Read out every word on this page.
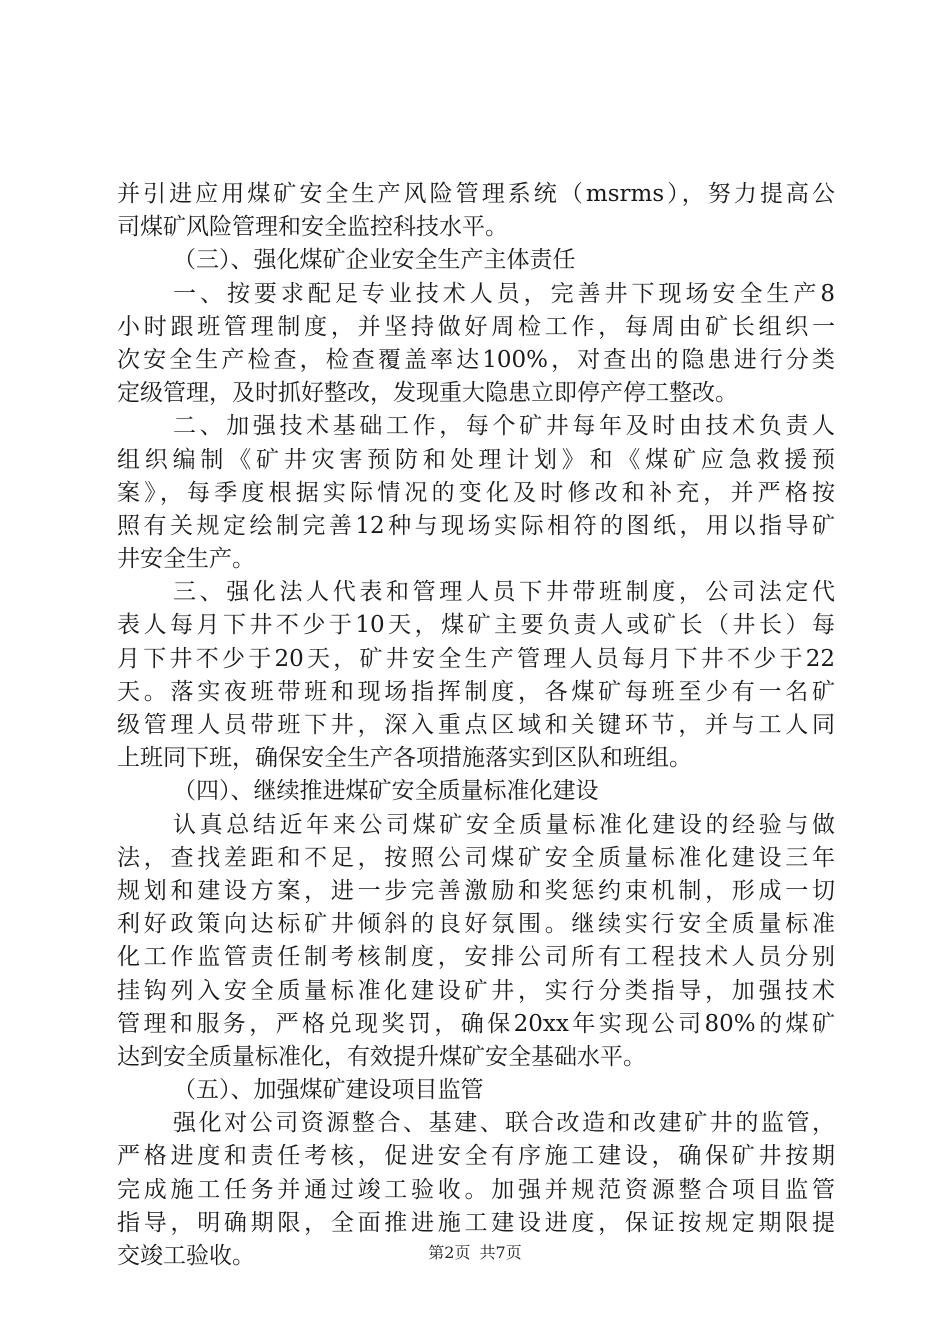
并引进应用煤矿安全生产风险管理系统（msrms），努力提高公
司煤矿风险管理和安全监控科技水平。
（三）、强化煤矿企业安全生产主体责任
一、按要求配足专业技术人员，完善井下现场安全生产8
小时跟班管理制度，并坚持做好周检工作，每周由矿长组织一
次安全生产检查，检查覆盖率达100%，对查出的隐患进行分类
定级管理，及时抓好整改，发现重大隐患立即停产停工整改。
二、加强技术基础工作，每个矿井每年及时由技术负责人
组织编制《矿井灾害预防和处理计划》和《煤矿应急救援预
案》，每季度根据实际情况的变化及时修改和补充，并严格按
照有关规定绘制完善12种与现场实际相符的图纸，用以指导矿
井安全生产。
三、强化法人代表和管理人员下井带班制度，公司法定代
表人每月下井不少于10天，煤矿主要负责人或矿长（井长）每
月下井不少于20天，矿井安全生产管理人员每月下井不少于22
天。落实夜班带班和现场指挥制度，各煤矿每班至少有一名矿
级管理人员带班下井，深入重点区域和关键环节，并与工人同
上班同下班，确保安全生产各项措施落实到区队和班组。
（四）、继续推进煤矿安全质量标准化建设
认真总结近年来公司煤矿安全质量标准化建设的经验与做
法，查找差距和不足，按照公司煤矿安全质量标准化建设三年
规划和建设方案，进一步完善激励和奖惩约束机制，形成一切
利好政策向达标矿井倾斜的良好氛围。继续实行安全质量标准
化工作监管责任制考核制度，安排公司所有工程技术人员分别
挂钩列入安全质量标准化建设矿井，实行分类指导，加强技术
管理和服务，严格兑现奖罚，确保20xx年实现公司80%的煤矿
达到安全质量标准化，有效提升煤矿安全基础水平。
（五）、加强煤矿建设项目监管
强化对公司资源整合、基建、联合改造和改建矿井的监管，
严格进度和责任考核，促进安全有序施工建设，确保矿井按期
完成施工任务并通过竣工验收。加强并规范资源整合项目监管
指导，明确期限，全面推进施工建设进度，保证按规定期限提
交竣工验收。	第2页 共7页
